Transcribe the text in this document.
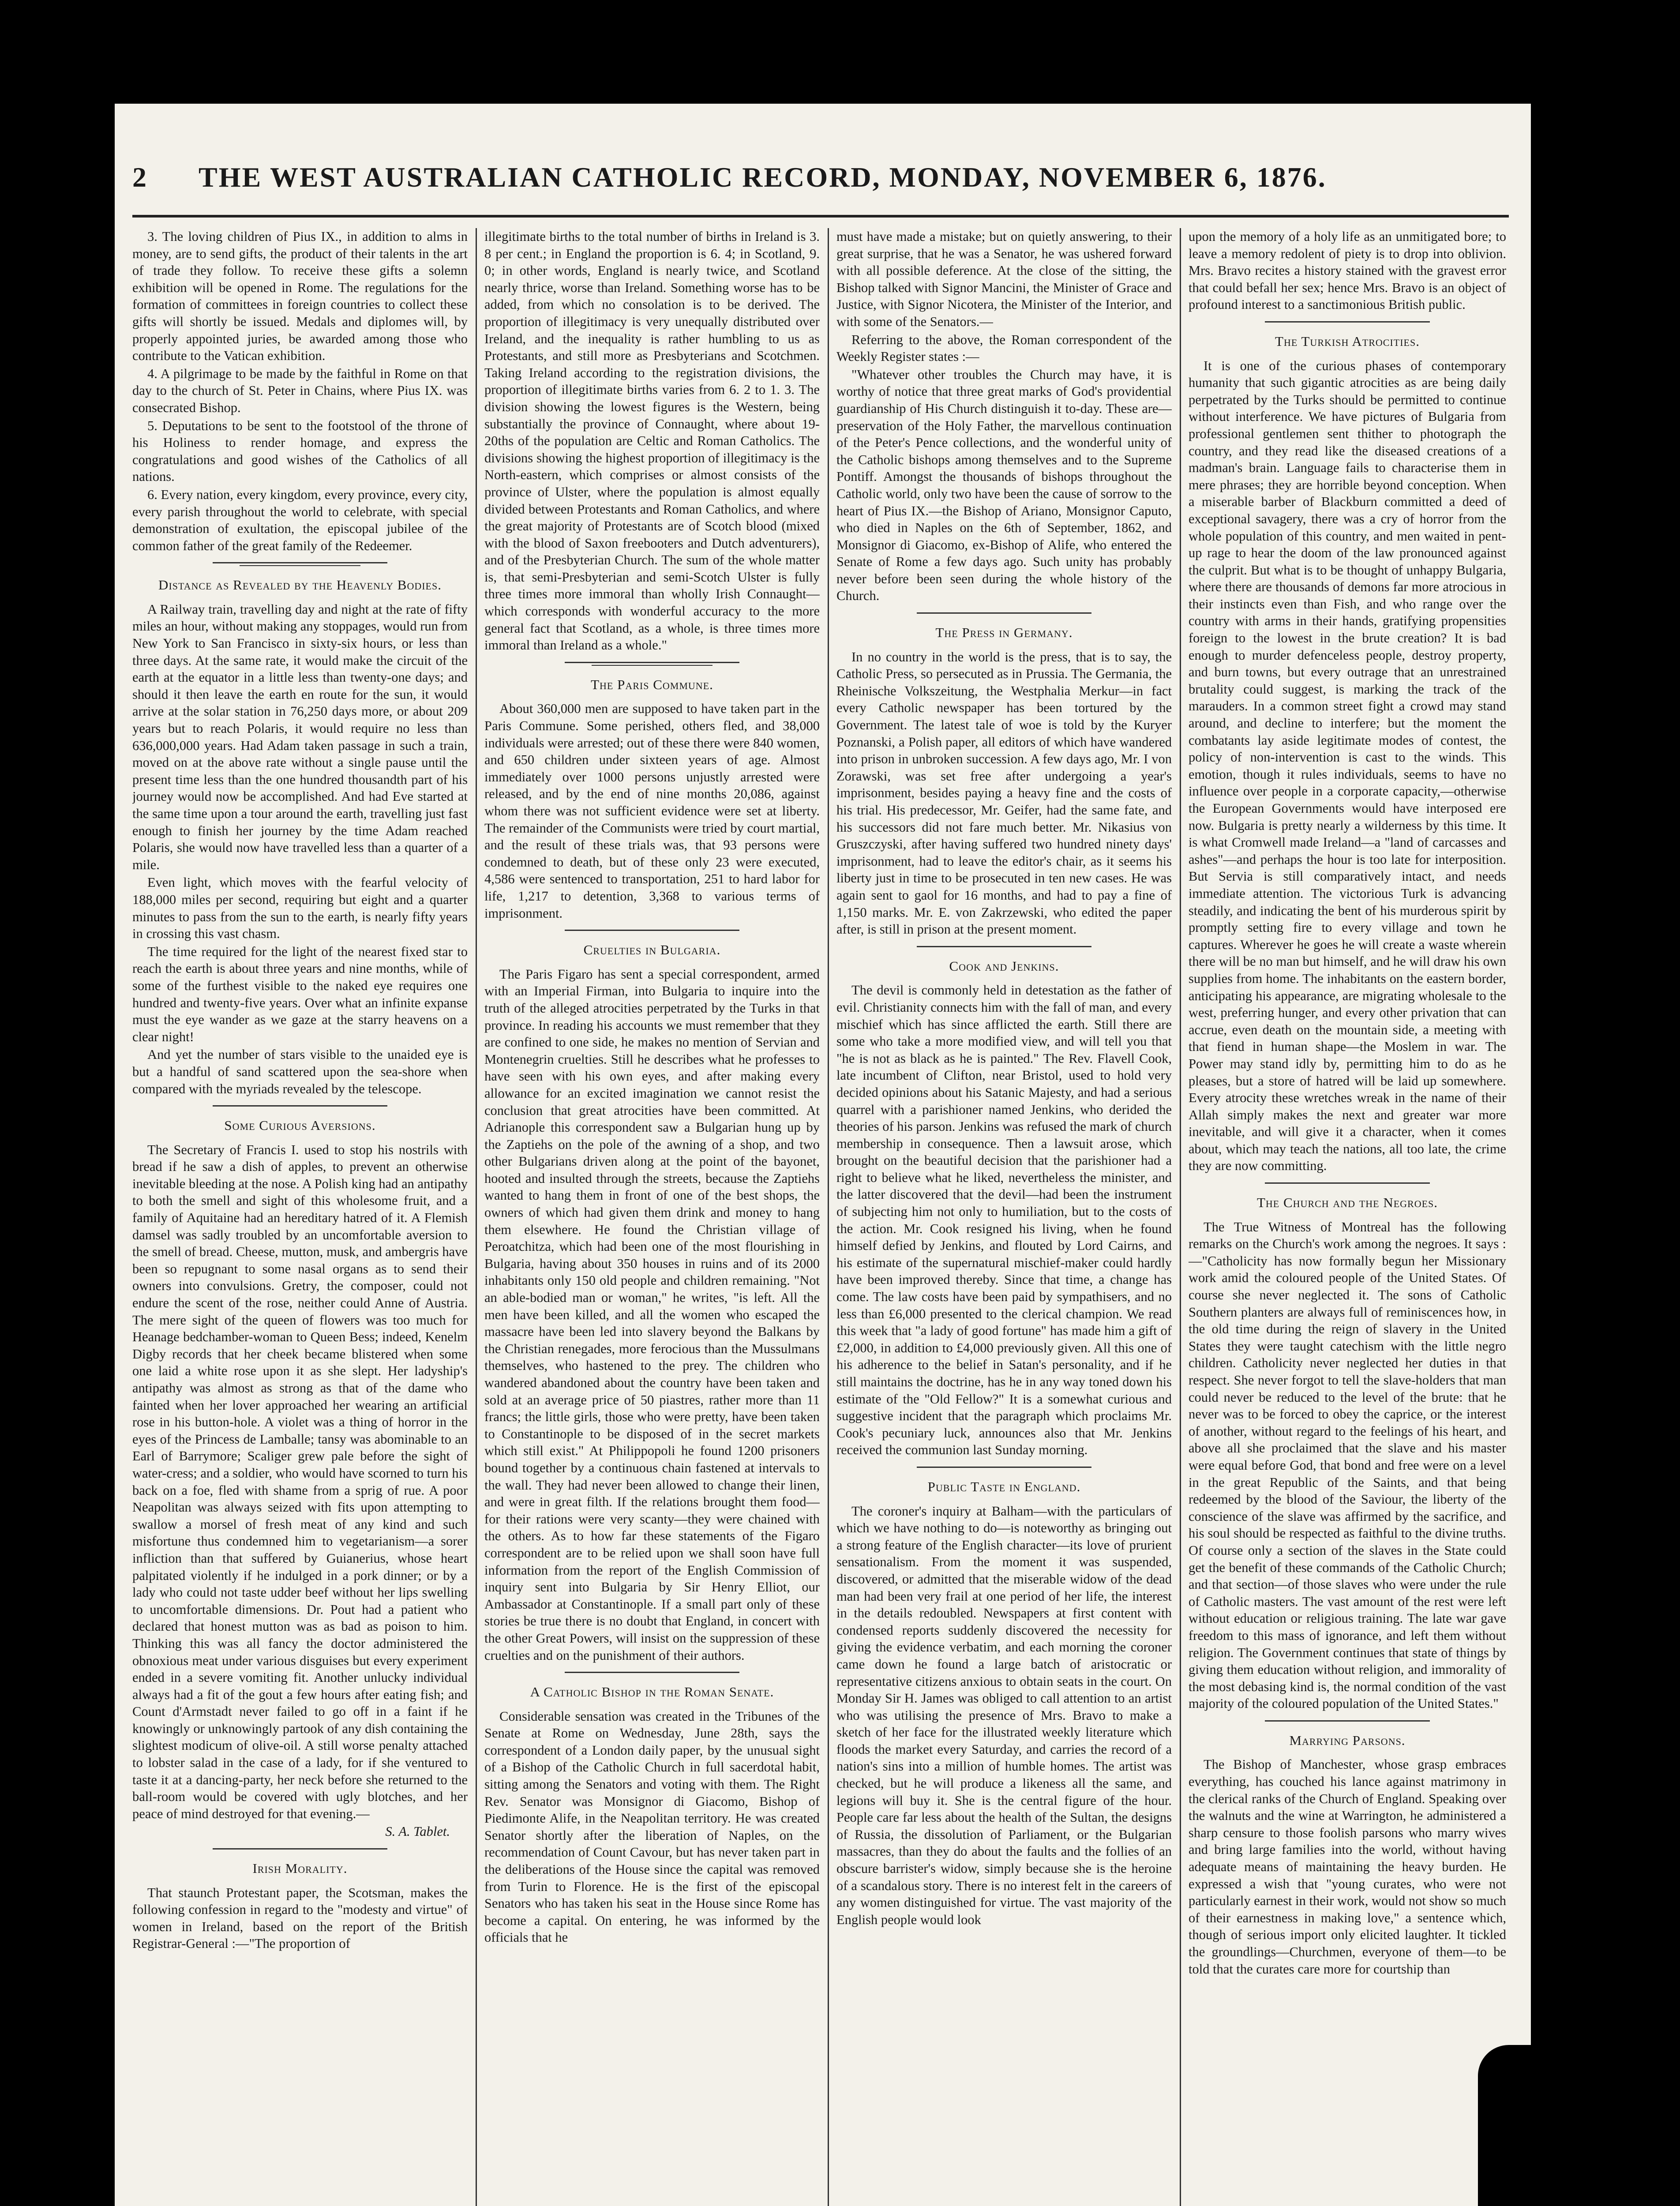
2 THE WEST AUSTRALIAN CATHOLIC RECORD, MONDAY, NOVEMBER 6, 1876.

3. The loving children of Pius IX., in addition to alms in money, are to send gifts, the product of their talents in the art of trade they follow. To receive these gifts a solemn exhibition will be opened in Rome. The regulations for the formation of committees in foreign countries to collect these gifts will shortly be issued. Medals and diplomes will, by properly appointed juries, be awarded among those who contribute to the Vatican exhibition.

4. A pilgrimage to be made by the faithful in Rome on that day to the church of St. Peter in Chains, where Pius IX. was consecrated Bishop.

5. Deputations to be sent to the footstool of the throne of his Holiness to render homage, and express the congratulations and good wishes of the Catholics of all nations.

6. Every nation, every kingdom, every province, every city, every parish throughout the world to celebrate, with special demonstration of exultation, the episcopal jubilee of the common father of the great family of the Redeemer.

Distance as Revealed by the Heavenly Bodies.

A Railway train, travelling day and night at the rate of fifty miles an hour, without making any stoppages, would run from New York to San Francisco in sixty-six hours, or less than three days. At the same rate, it would make the circuit of the earth at the equator in a little less than twenty-one days; and should it then leave the earth en route for the sun, it would arrive at the solar station in 76,250 days more, or about 209 years but to reach Polaris, it would require no less than 636,000,000 years. Had Adam taken passage in such a train, moved on at the above rate without a single pause until the present time less than the one hundred thousandth part of his journey would now be accomplished. And had Eve started at the same time upon a tour around the earth, travelling just fast enough to finish her journey by the time Adam reached Polaris, she would now have travelled less than a quarter of a mile.

Even light, which moves with the fearful velocity of 188,000 miles per second, requiring but eight and a quarter minutes to pass from the sun to the earth, is nearly fifty years in crossing this vast chasm.

The time required for the light of the nearest fixed star to reach the earth is about three years and nine months, while of some of the furthest visible to the naked eye requires one hundred and twenty-five years. Over what an infinite expanse must the eye wander as we gaze at the starry heavens on a clear night!

And yet the number of stars visible to the unaided eye is but a handful of sand scattered upon the sea-shore when compared with the myriads revealed by the telescope.

Some Curious Aversions.

The Secretary of Francis I. used to stop his nostrils with bread if he saw a dish of apples, to prevent an otherwise inevitable bleeding at the nose. A Polish king had an antipathy to both the smell and sight of this wholesome fruit, and a family of Aquitaine had an hereditary hatred of it. A Flemish damsel was sadly troubled by an uncomfortable aversion to the smell of bread. Cheese, mutton, musk, and ambergris have been so repugnant to some nasal organs as to send their owners into convulsions. Gretry, the composer, could not endure the scent of the rose, neither could Anne of Austria. The mere sight of the queen of flowers was too much for Heanage bedchamber-woman to Queen Bess; indeed, Kenelm Digby records that her cheek became blistered when some one laid a white rose upon it as she slept. Her ladyship's antipathy was almost as strong as that of the dame who fainted when her lover approached her wearing an artificial rose in his button-hole. A violet was a thing of horror in the eyes of the Princess de Lamballe; tansy was abominable to an Earl of Barrymore; Scaliger grew pale before the sight of water-cress; and a soldier, who would have scorned to turn his back on a foe, fled with shame from a sprig of rue. A poor Neapolitan was always seized with fits upon attempting to swallow a morsel of fresh meat of any kind and such misfortune thus condemned him to vegetarianism—a sorer infliction than that suffered by Guianerius, whose heart palpitated violently if he indulged in a pork dinner; or by a lady who could not taste udder beef without her lips swelling to uncomfortable dimensions. Dr. Pout had a patient who declared that honest mutton was as bad as poison to him. Thinking this was all fancy the doctor administered the obnoxious meat under various disguises but every experiment ended in a severe vomiting fit. Another unlucky individual always had a fit of the gout a few hours after eating fish; and Count d'Armstadt never failed to go off in a faint if he knowingly or unknowingly partook of any dish containing the slightest modicum of olive-oil. A still worse penalty attached to lobster salad in the case of a lady, for if she ventured to taste it at a dancing-party, her neck before she returned to the ball-room would be covered with ugly blotches, and her peace of mind destroyed for that evening.—

S. A. Tablet.

Irish Morality.

That staunch Protestant paper, the Scotsman, makes the following confession in regard to the "modesty and virtue" of women in Ireland, based on the report of the British Registrar-General :—"The proportion of

illegitimate births to the total number of births in Ireland is 3. 8 per cent.; in England the proportion is 6. 4; in Scotland, 9. 0; in other words, England is nearly twice, and Scotland nearly thrice, worse than Ireland. Something worse has to be added, from which no consolation is to be derived. The proportion of illegitimacy is very unequally distributed over Ireland, and the inequality is rather humbling to us as Protestants, and still more as Presbyterians and Scotchmen. Taking Ireland according to the registration divisions, the proportion of illegitimate births varies from 6. 2 to 1. 3. The division showing the lowest figures is the Western, being substantially the province of Connaught, where about 19-20ths of the population are Celtic and Roman Catholics. The divisions showing the highest proportion of illegitimacy is the North-eastern, which comprises or almost consists of the province of Ulster, where the population is almost equally divided between Protestants and Roman Catholics, and where the great majority of Protestants are of Scotch blood (mixed with the blood of Saxon freebooters and Dutch adventurers), and of the Presbyterian Church. The sum of the whole matter is, that semi-Presbyterian and semi-Scotch Ulster is fully three times more immoral than wholly Irish Connaught—which corresponds with wonderful accuracy to the more general fact that Scotland, as a whole, is three times more immoral than Ireland as a whole."

The Paris Commune.

About 360,000 men are supposed to have taken part in the Paris Commune. Some perished, others fled, and 38,000 individuals were arrested; out of these there were 840 women, and 650 children under sixteen years of age. Almost immediately over 1000 persons unjustly arrested were released, and by the end of nine months 20,086, against whom there was not sufficient evidence were set at liberty. The remainder of the Communists were tried by court martial, and the result of these trials was, that 93 persons were condemned to death, but of these only 23 were executed, 4,586 were sentenced to transportation, 251 to hard labor for life, 1,217 to detention, 3,368 to various terms of imprisonment.

Cruelties in Bulgaria.

The Paris Figaro has sent a special correspondent, armed with an Imperial Firman, into Bulgaria to inquire into the truth of the alleged atrocities perpetrated by the Turks in that province. In reading his accounts we must remember that they are confined to one side, he makes no mention of Servian and Montenegrin cruelties. Still he describes what he professes to have seen with his own eyes, and after making every allowance for an excited imagination we cannot resist the conclusion that great atrocities have been committed. At Adrianople this correspondent saw a Bulgarian hung up by the Zaptiehs on the pole of the awning of a shop, and two other Bulgarians driven along at the point of the bayonet, hooted and insulted through the streets, because the Zaptiehs wanted to hang them in front of one of the best shops, the owners of which had given them drink and money to hang them elsewhere. He found the Christian village of Peroatchitza, which had been one of the most flourishing in Bulgaria, having about 350 houses in ruins and of its 2000 inhabitants only 150 old people and children remaining. "Not an able-bodied man or woman," he writes, "is left. All the men have been killed, and all the women who escaped the massacre have been led into slavery beyond the Balkans by the Christian renegades, more ferocious than the Mussulmans themselves, who hastened to the prey. The children who wandered abandoned about the country have been taken and sold at an average price of 50 piastres, rather more than 11 francs; the little girls, those who were pretty, have been taken to Constantinople to be disposed of in the secret markets which still exist." At Philippopoli he found 1200 prisoners bound together by a continuous chain fastened at intervals to the wall. They had never been allowed to change their linen, and were in great filth. If the relations brought them food—for their rations were very scanty—they were chained with the others. As to how far these statements of the Figaro correspondent are to be relied upon we shall soon have full information from the report of the English Commission of inquiry sent into Bulgaria by Sir Henry Elliot, our Ambassador at Constantinople. If a small part only of these stories be true there is no doubt that England, in concert with the other Great Powers, will insist on the suppression of these cruelties and on the punishment of their authors.

A Catholic Bishop in the Roman Senate.

Considerable sensation was created in the Tribunes of the Senate at Rome on Wednesday, June 28th, says the correspondent of a London daily paper, by the unusual sight of a Bishop of the Catholic Church in full sacerdotal habit, sitting among the Senators and voting with them. The Right Rev. Senator was Monsignor di Giacomo, Bishop of Piedimonte Alife, in the Neapolitan territory. He was created Senator shortly after the liberation of Naples, on the recommendation of Count Cavour, but has never taken part in the deliberations of the House since the capital was removed from Turin to Florence. He is the first of the episcopal Senators who has taken his seat in the House since Rome has become a capital. On entering, he was informed by the officials that he

must have made a mistake; but on quietly answering, to their great surprise, that he was a Senator, he was ushered forward with all possible deference. At the close of the sitting, the Bishop talked with Signor Mancini, the Minister of Grace and Justice, with Signor Nicotera, the Minister of the Interior, and with some of the Senators.—

Referring to the above, the Roman correspondent of the Weekly Register states :—

"Whatever other troubles the Church may have, it is worthy of notice that three great marks of God's providential guardianship of His Church distinguish it to-day. These are—preservation of the Holy Father, the marvellous continuation of the Peter's Pence collections, and the wonderful unity of the Catholic bishops among themselves and to the Supreme Pontiff. Amongst the thousands of bishops throughout the Catholic world, only two have been the cause of sorrow to the heart of Pius IX.—the Bishop of Ariano, Monsignor Caputo, who died in Naples on the 6th of September, 1862, and Monsignor di Giacomo, ex-Bishop of Alife, who entered the Senate of Rome a few days ago. Such unity has probably never before been seen during the whole history of the Church.

The Press in Germany.

In no country in the world is the press, that is to say, the Catholic Press, so persecuted as in Prussia. The Germania, the Rheinische Volkszeitung, the Westphalia Merkur—in fact every Catholic newspaper has been tortured by the Government. The latest tale of woe is told by the Kuryer Poznanski, a Polish paper, all editors of which have wandered into prison in unbroken succession. A few days ago, Mr. I von Zorawski, was set free after undergoing a year's imprisonment, besides paying a heavy fine and the costs of his trial. His predecessor, Mr. Geifer, had the same fate, and his successors did not fare much better. Mr. Nikasius von Gruszczyski, after having suffered two hundred ninety days' imprisonment, had to leave the editor's chair, as it seems his liberty just in time to be prosecuted in ten new cases. He was again sent to gaol for 16 months, and had to pay a fine of 1,150 marks. Mr. E. von Zakrzewski, who edited the paper after, is still in prison at the present moment.

Cook and Jenkins.

The devil is commonly held in detestation as the father of evil. Christianity connects him with the fall of man, and every mischief which has since afflicted the earth. Still there are some who take a more modified view, and will tell you that "he is not as black as he is painted." The Rev. Flavell Cook, late incumbent of Clifton, near Bristol, used to hold very decided opinions about his Satanic Majesty, and had a serious quarrel with a parishioner named Jenkins, who derided the theories of his parson. Jenkins was refused the mark of church membership in consequence. Then a lawsuit arose, which brought on the beautiful decision that the parishioner had a right to believe what he liked, nevertheless the minister, and the latter discovered that the devil—had been the instrument of subjecting him not only to humiliation, but to the costs of the action. Mr. Cook resigned his living, when he found himself defied by Jenkins, and flouted by Lord Cairns, and his estimate of the supernatural mischief-maker could hardly have been improved thereby. Since that time, a change has come. The law costs have been paid by sympathisers, and no less than £6,000 presented to the clerical champion. We read this week that "a lady of good fortune" has made him a gift of £2,000, in addition to £4,000 previously given. All this one of his adherence to the belief in Satan's personality, and if he still maintains the doctrine, has he in any way toned down his estimate of the "Old Fellow?" It is a somewhat curious and suggestive incident that the paragraph which proclaims Mr. Cook's pecuniary luck, announces also that Mr. Jenkins received the communion last Sunday morning.

Public Taste in England.

The coroner's inquiry at Balham—with the particulars of which we have nothing to do—is noteworthy as bringing out a strong feature of the English character—its love of prurient sensationalism. From the moment it was suspended, discovered, or admitted that the miserable widow of the dead man had been very frail at one period of her life, the interest in the details redoubled. Newspapers at first content with condensed reports suddenly discovered the necessity for giving the evidence verbatim, and each morning the coroner came down he found a large batch of aristocratic or representative citizens anxious to obtain seats in the court. On Monday Sir H. James was obliged to call attention to an artist who was utilising the presence of Mrs. Bravo to make a sketch of her face for the illustrated weekly literature which floods the market every Saturday, and carries the record of a nation's sins into a million of humble homes. The artist was checked, but he will produce a likeness all the same, and legions will buy it. She is the central figure of the hour. People care far less about the health of the Sultan, the designs of Russia, the dissolution of Parliament, or the Bulgarian massacres, than they do about the faults and the follies of an obscure barrister's widow, simply because she is the heroine of a scandalous story. There is no interest felt in the careers of any women distinguished for virtue. The vast majority of the English people would look

upon the memory of a holy life as an unmitigated bore; to leave a memory redolent of piety is to drop into oblivion. Mrs. Bravo recites a history stained with the gravest error that could befall her sex; hence Mrs. Bravo is an object of profound interest to a sanctimonious British public.

The Turkish Atrocities.

It is one of the curious phases of contemporary humanity that such gigantic atrocities as are being daily perpetrated by the Turks should be permitted to continue without interference. We have pictures of Bulgaria from professional gentlemen sent thither to photograph the country, and they read like the diseased creations of a madman's brain. Language fails to characterise them in mere phrases; they are horrible beyond conception. When a miserable barber of Blackburn committed a deed of exceptional savagery, there was a cry of horror from the whole population of this country, and men waited in pent-up rage to hear the doom of the law pronounced against the culprit. But what is to be thought of unhappy Bulgaria, where there are thousands of demons far more atrocious in their instincts even than Fish, and who range over the country with arms in their hands, gratifying propensities foreign to the lowest in the brute creation? It is bad enough to murder defenceless people, destroy property, and burn towns, but every outrage that an unrestrained brutality could suggest, is marking the track of the marauders. In a common street fight a crowd may stand around, and decline to interfere; but the moment the combatants lay aside legitimate modes of contest, the policy of non-intervention is cast to the winds. This emotion, though it rules individuals, seems to have no influence over people in a corporate capacity,—otherwise the European Governments would have interposed ere now. Bulgaria is pretty nearly a wilderness by this time. It is what Cromwell made Ireland—a "land of carcasses and ashes"—and perhaps the hour is too late for interposition. But Servia is still comparatively intact, and needs immediate attention. The victorious Turk is advancing steadily, and indicating the bent of his murderous spirit by promptly setting fire to every village and town he captures. Wherever he goes he will create a waste wherein there will be no man but himself, and he will draw his own supplies from home. The inhabitants on the eastern border, anticipating his appearance, are migrating wholesale to the west, preferring hunger, and every other privation that can accrue, even death on the mountain side, a meeting with that fiend in human shape—the Moslem in war. The Power may stand idly by, permitting him to do as he pleases, but a store of hatred will be laid up somewhere. Every atrocity these wretches wreak in the name of their Allah simply makes the next and greater war more inevitable, and will give it a character, when it comes about, which may teach the nations, all too late, the crime they are now committing.

The Church and the Negroes.

The True Witness of Montreal has the following remarks on the Church's work among the negroes. It says :—"Catholicity has now formally begun her Missionary work amid the coloured people of the United States. Of course she never neglected it. The sons of Catholic Southern planters are always full of reminiscences how, in the old time during the reign of slavery in the United States they were taught catechism with the little negro children. Catholicity never neglected her duties in that respect. She never forgot to tell the slave-holders that man could never be reduced to the level of the brute: that he never was to be forced to obey the caprice, or the interest of another, without regard to the feelings of his heart, and above all she proclaimed that the slave and his master were equal before God, that bond and free were on a level in the great Republic of the Saints, and that being redeemed by the blood of the Saviour, the liberty of the conscience of the slave was affirmed by the sacrifice, and his soul should be respected as faithful to the divine truths. Of course only a section of the slaves in the State could get the benefit of these commands of the Catholic Church; and that section—of those slaves who were under the rule of Catholic masters. The vast amount of the rest were left without education or religious training. The late war gave freedom to this mass of ignorance, and left them without religion. The Government continues that state of things by giving them education without religion, and immorality of the most debasing kind is, the normal condition of the vast majority of the coloured population of the United States."

Marrying Parsons.

The Bishop of Manchester, whose grasp embraces everything, has couched his lance against matrimony in the clerical ranks of the Church of England. Speaking over the walnuts and the wine at Warrington, he administered a sharp censure to those foolish parsons who marry wives and bring large families into the world, without having adequate means of maintaining the heavy burden. He expressed a wish that "young curates, who were not particularly earnest in their work, would not show so much of their earnestness in making love," a sentence which, though of serious import only elicited laughter. It tickled the groundlings—Churchmen, everyone of them—to be told that the curates care more for courtship than
